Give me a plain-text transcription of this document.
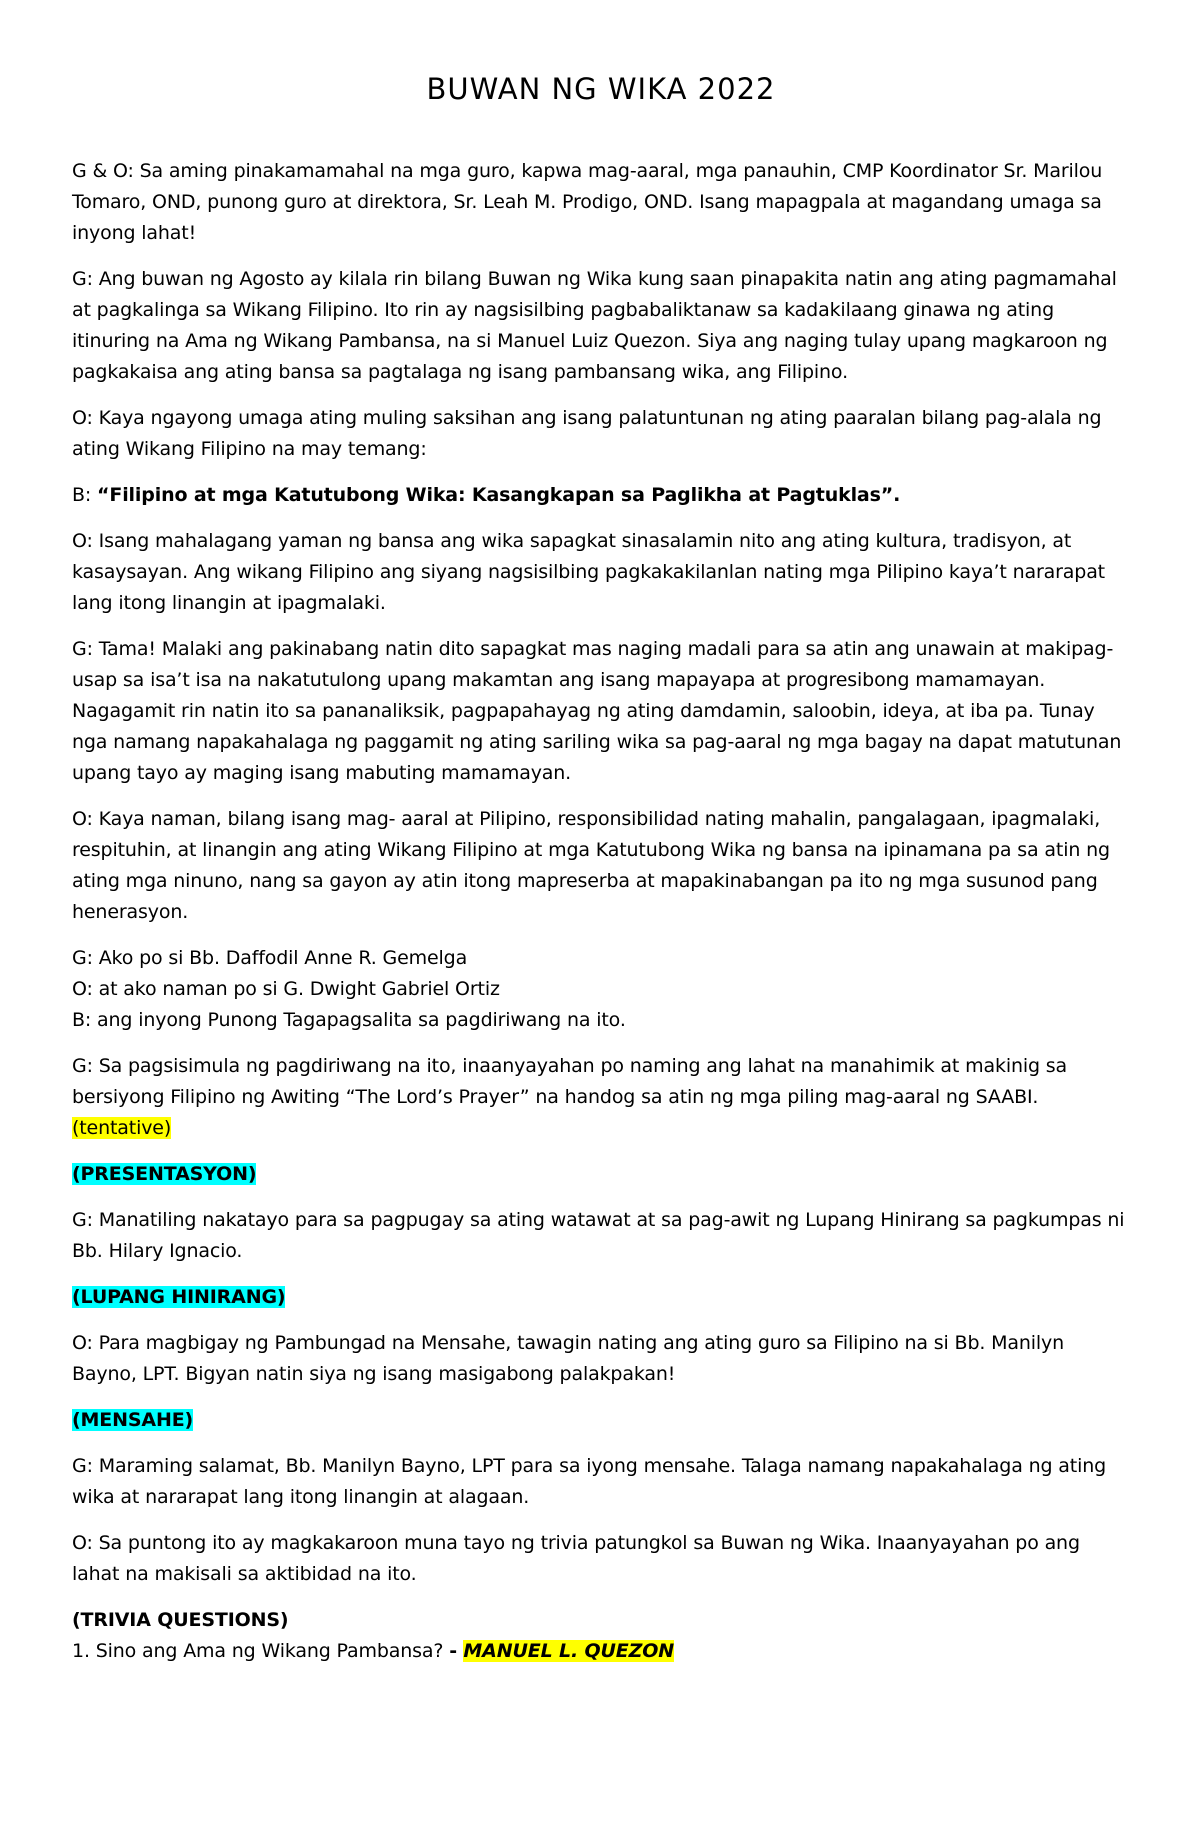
BUWAN NG WIKA 2022

G & O: Sa aming pinakamamahal na mga guro, kapwa mag-aaral, mga panauhin, CMP Koordinator Sr. Marilou Tomaro, OND, punong guro at direktora, Sr. Leah M. Prodigo, OND. Isang mapagpala at magandang umaga sa inyong lahat!

G: Ang buwan ng Agosto ay kilala rin bilang Buwan ng Wika kung saan pinapakita natin ang ating pagmamahal at pagkalinga sa Wikang Filipino. Ito rin ay nagsisilbing pagbabaliktanaw sa kadakilaang ginawa ng ating itinuring na Ama ng Wikang Pambansa, na si Manuel Luiz Quezon. Siya ang naging tulay upang magkaroon ng pagkakaisa ang ating bansa sa pagtalaga ng isang pambansang wika, ang Filipino.

O: Kaya ngayong umaga ating muling saksihan ang isang palatuntunan ng ating paaralan bilang pag-alala ng ating Wikang Filipino na may temang:

B: “Filipino at mga Katutubong Wika: Kasangkapan sa Paglikha at Pagtuklas”.

O: Isang mahalagang yaman ng bansa ang wika sapagkat sinasalamin nito ang ating kultura, tradisyon, at kasaysayan. Ang wikang Filipino ang siyang nagsisilbing pagkakakilanlan nating mga Pilipino kaya’t nararapat lang itong linangin at ipagmalaki.

G: Tama! Malaki ang pakinabang natin dito sapagkat mas naging madali para sa atin ang unawain at makipag-usap sa isa’t isa na nakatutulong upang makamtan ang isang mapayapa at progresibong mamamayan. Nagagamit rin natin ito sa pananaliksik, pagpapahayag ng ating damdamin, saloobin, ideya, at iba pa. Tunay nga namang napakahalaga ng paggamit ng ating sariling wika sa pag-aaral ng mga bagay na dapat matutunan upang tayo ay maging isang mabuting mamamayan.

O: Kaya naman, bilang isang mag- aaral at Pilipino, responsibilidad nating mahalin, pangalagaan, ipagmalaki, respituhin, at linangin ang ating Wikang Filipino at mga Katutubong Wika ng bansa na ipinamana pa sa atin ng ating mga ninuno, nang sa gayon ay atin itong mapreserba at mapakinabangan pa ito ng mga susunod pang henerasyon.

G: Ako po si Bb. Daffodil Anne R. Gemelga

O: at ako naman po si G. Dwight Gabriel Ortiz

B: ang inyong Punong Tagapagsalita sa pagdiriwang na ito.

G: Sa pagsisimula ng pagdiriwang na ito, inaanyayahan po naming ang lahat na manahimik at makinig sa bersiyong Filipino ng Awiting “The Lord’s Prayer” na handog sa atin ng mga piling mag-aaral ng SAABI. (tentative)

(PRESENTASYON)

G: Manatiling nakatayo para sa pagpugay sa ating watawat at sa pag-awit ng Lupang Hinirang sa pagkumpas ni Bb. Hilary Ignacio.

(LUPANG HINIRANG)

O: Para magbigay ng Pambungad na Mensahe, tawagin nating ang ating guro sa Filipino na si Bb. Manilyn Bayno, LPT. Bigyan natin siya ng isang masigabong palakpakan!

(MENSAHE)

G: Maraming salamat, Bb. Manilyn Bayno, LPT para sa iyong mensahe. Talaga namang napakahalaga ng ating wika at nararapat lang itong linangin at alagaan.

O: Sa puntong ito ay magkakaroon muna tayo ng trivia patungkol sa Buwan ng Wika. Inaanyayahan po ang lahat na makisali sa aktibidad na ito.

(TRIVIA QUESTIONS)

1. Sino ang Ama ng Wikang Pambansa? - MANUEL L. QUEZON
